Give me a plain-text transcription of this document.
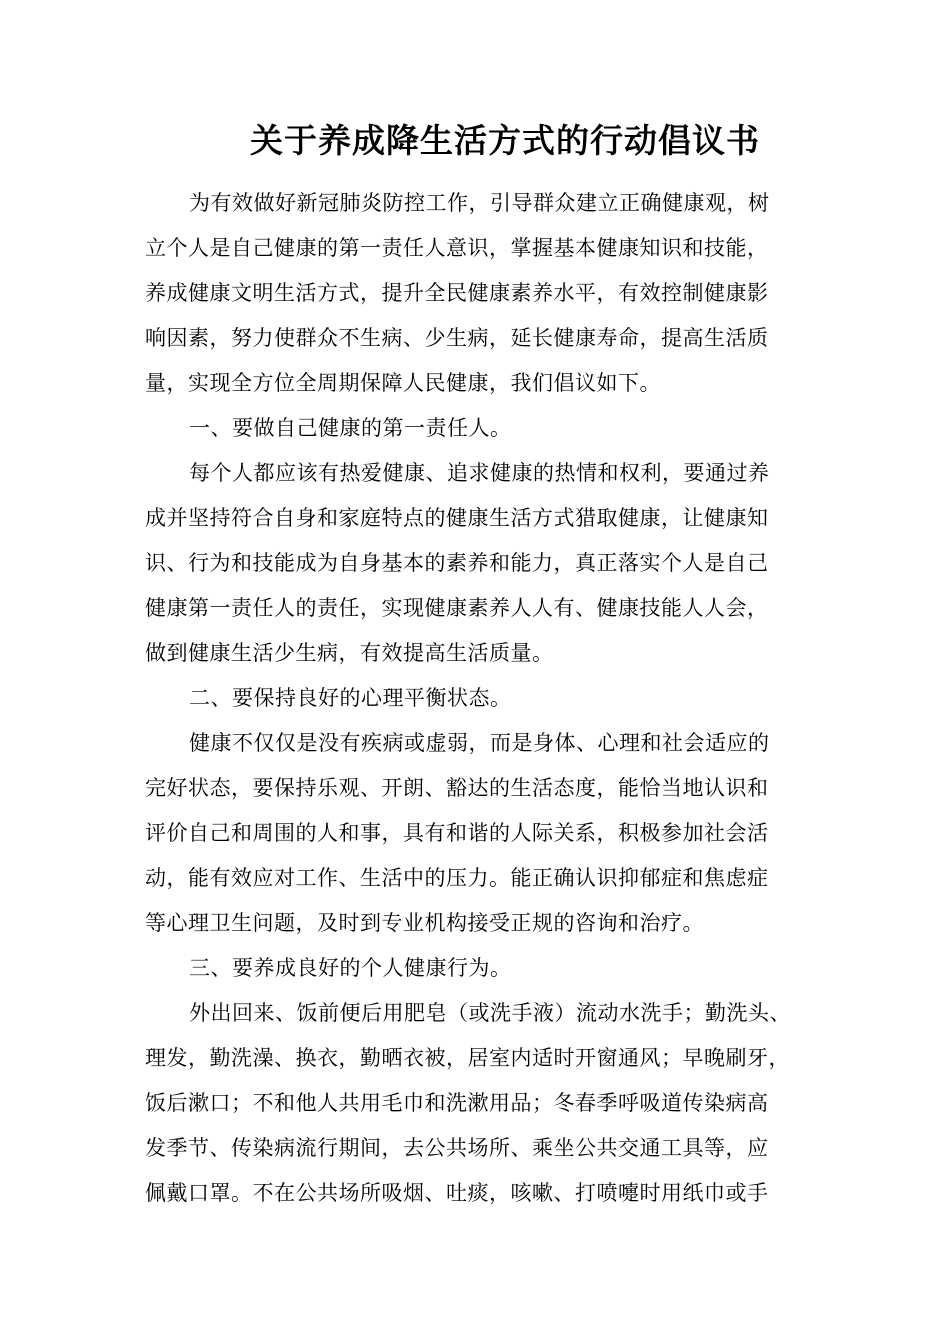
关于养成降生活方式的行动倡议书
为有效做好新冠肺炎防控工作，引导群众建立正确健康观，树
立个人是自己健康的第一责任人意识，掌握基本健康知识和技能，
养成健康文明生活方式，提升全民健康素养水平，有效控制健康影
响因素，努力使群众不生病、少生病，延长健康寿命，提高生活质
量，实现全方位全周期保障人民健康，我们倡议如下。
一、要做自己健康的第一责任人。
每个人都应该有热爱健康、追求健康的热情和权利，要通过养
成并坚持符合自身和家庭特点的健康生活方式猎取健康，让健康知
识、行为和技能成为自身基本的素养和能力，真正落实个人是自己
健康第一责任人的责任，实现健康素养人人有、健康技能人人会，
做到健康生活少生病，有效提高生活质量。
二、要保持良好的心理平衡状态。
健康不仅仅是没有疾病或虚弱，而是身体、心理和社会适应的
完好状态，要保持乐观、开朗、豁达的生活态度，能恰当地认识和
评价自己和周围的人和事，具有和谐的人际关系，积极参加社会活
动，能有效应对工作、生活中的压力。能正确认识抑郁症和焦虑症
等心理卫生问题，及时到专业机构接受正规的咨询和治疗。
三、要养成良好的个人健康行为。
外出回来、饭前便后用肥皂（或洗手液）流动水洗手；勤洗头、
理发，勤洗澡、换衣，勤晒衣被，居室内适时开窗通风；早晚刷牙，
饭后漱口；不和他人共用毛巾和洗漱用品；冬春季呼吸道传染病高
发季节、传染病流行期间，去公共场所、乘坐公共交通工具等，应
佩戴口罩。不在公共场所吸烟、吐痰，咳嗽、打喷嚏时用纸巾或手
